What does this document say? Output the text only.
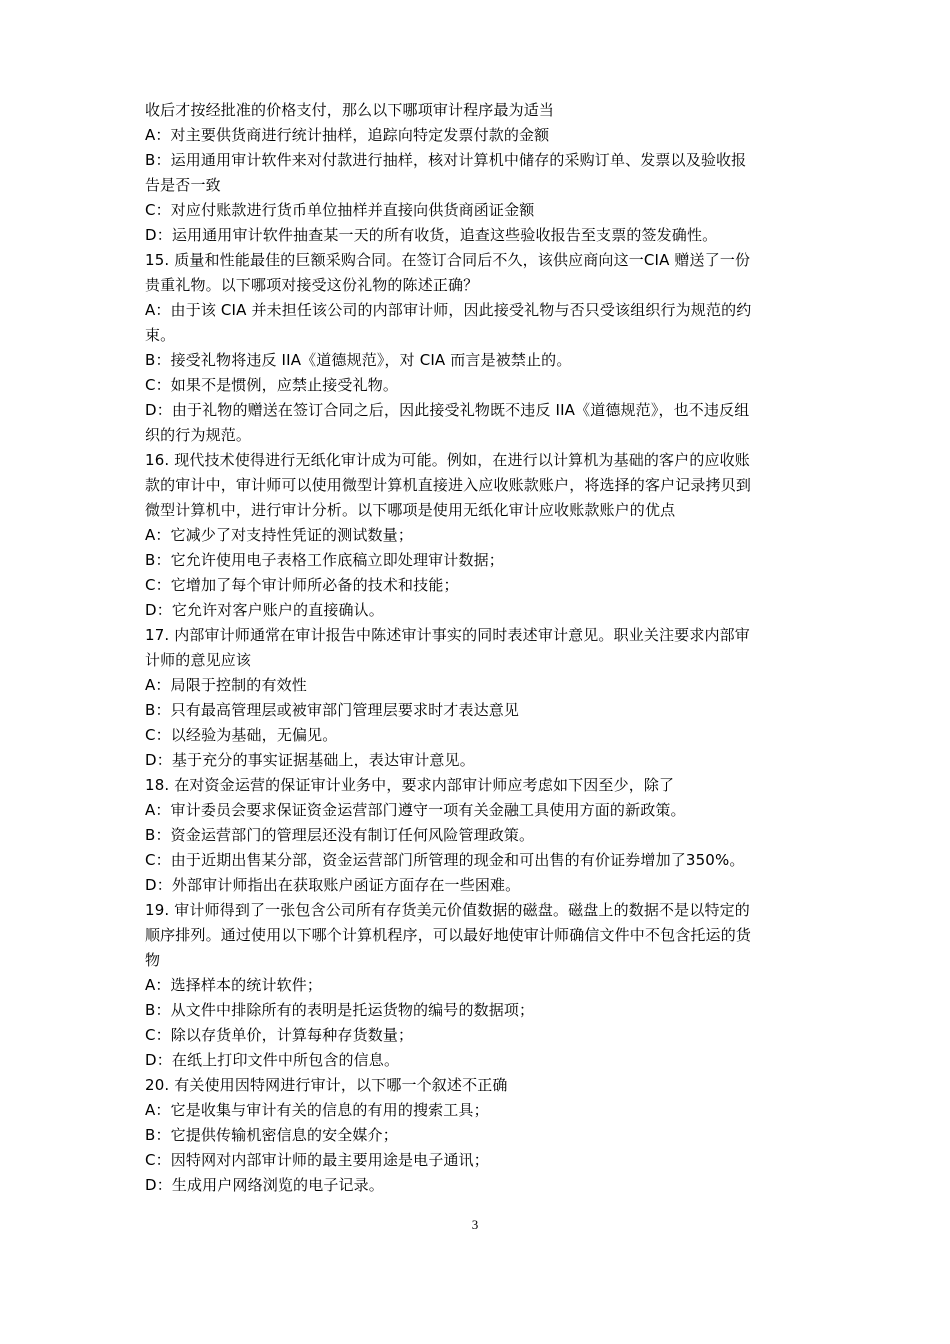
收后才按经批准的价格支付，那么以下哪项审计程序最为适当
A：对主要供货商进行统计抽样，追踪向特定发票付款的金额
B：运用通用审计软件来对付款进行抽样，核对计算机中储存的采购订单、发票以及验收报
告是否一致
C：对应付账款进行货币单位抽样并直接向供货商函证金额
D：运用通用审计软件抽查某一天的所有收货，追查这些验收报告至支票的签发确性。
15. 质量和性能最佳的巨额采购合同。在签订合同后不久，该供应商向这一CIA 赠送了一份
贵重礼物。以下哪项对接受这份礼物的陈述正确？
A：由于该 CIA 并未担任该公司的内部审计师，因此接受礼物与否只受该组织行为规范的约
束。
B：接受礼物将违反 IIA《道德规范》，对 CIA 而言是被禁止的。
C：如果不是惯例，应禁止接受礼物。
D：由于礼物的赠送在签订合同之后，因此接受礼物既不违反 IIA《道德规范》，也不违反组
织的行为规范。
16. 现代技术使得进行无纸化审计成为可能。例如，在进行以计算机为基础的客户的应收账
款的审计中，审计师可以使用微型计算机直接进入应收账款账户，将选择的客户记录拷贝到
微型计算机中，进行审计分析。以下哪项是使用无纸化审计应收账款账户的优点
A：它减少了对支持性凭证的测试数量；
B：它允许使用电子表格工作底稿立即处理审计数据；
C：它增加了每个审计师所必备的技术和技能；
D：它允许对客户账户的直接确认。
17. 内部审计师通常在审计报告中陈述审计事实的同时表述审计意见。职业关注要求内部审
计师的意见应该
A：局限于控制的有效性
B：只有最高管理层或被审部门管理层要求时才表达意见
C：以经验为基础，无偏见。
D：基于充分的事实证据基础上，表达审计意见。
18. 在对资金运营的保证审计业务中，要求内部审计师应考虑如下因至少，除了
A：审计委员会要求保证资金运营部门遵守一项有关金融工具使用方面的新政策。
B：资金运营部门的管理层还没有制订任何风险管理政策。
C：由于近期出售某分部，资金运营部门所管理的现金和可出售的有价证券增加了350%。
D：外部审计师指出在获取账户函证方面存在一些困难。
19. 审计师得到了一张包含公司所有存货美元价值数据的磁盘。磁盘上的数据不是以特定的
顺序排列。通过使用以下哪个计算机程序，可以最好地使审计师确信文件中不包含托运的货
物
A：选择样本的统计软件；
B：从文件中排除所有的表明是托运货物的编号的数据项；
C：除以存货单价，计算每种存货数量；
D：在纸上打印文件中所包含的信息。
20. 有关使用因特网进行审计，以下哪一个叙述不正确
A：它是收集与审计有关的信息的有用的搜索工具；
B：它提供传输机密信息的安全媒介；
C：因特网对内部审计师的最主要用途是电子通讯；
D：生成用户网络浏览的电子记录。
3
